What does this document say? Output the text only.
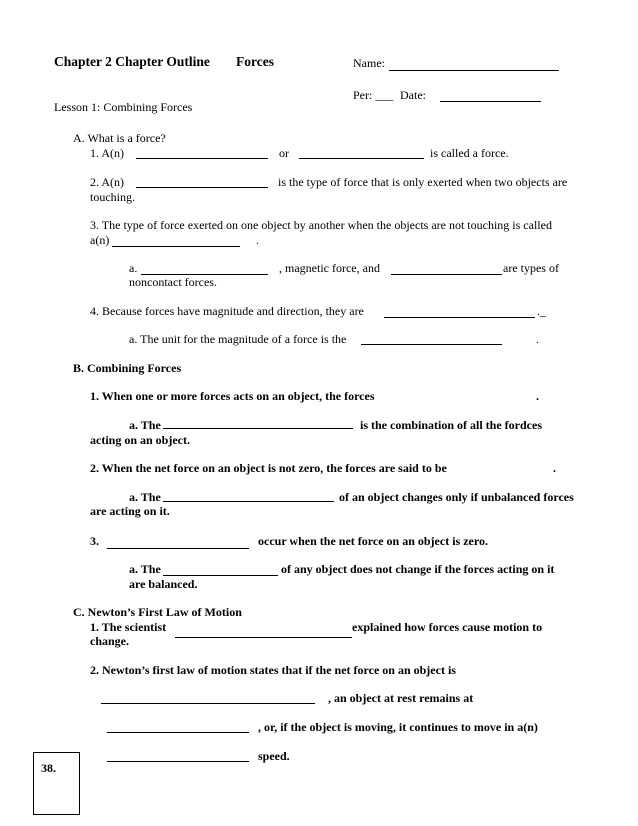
Chapter 2 Chapter Outline Forces	Name:
Per: ___ Date:
Lesson 1: Combining Forces
A. What is a force?
1. A(n)	or	is called a force.
2. A(n)	is the type of force that is only exerted when two objects are
touching.
3. The type of force exerted on one object by another when the objects are not touching is called
a(n)	.
a.	, magnetic force, and	are types of
noncontact forces.
4. Because forces have magnitude and direction, they are	._
a. The unit for the magnitude of a force is the	.
B. Combining Forces
1. When one or more forces acts on an object, the forces	.
a. The	is the combination of all the fordces
acting on an object.
2. When the net force on an object is not zero, the forces are said to be	.
a. The	of an object changes only if unbalanced forces
are acting on it.
3.	occur when the net force on an object is zero.
a. The	of any object does not change if the forces acting on it
are balanced.
C. Newton’s First Law of Motion
1. The scientist	explained how forces cause motion to
change.
2. Newton’s first law of motion states that if the net force on an object is
, an object at rest remains at
, or, if the object is moving, it continues to move in a(n)
speed.
38.
